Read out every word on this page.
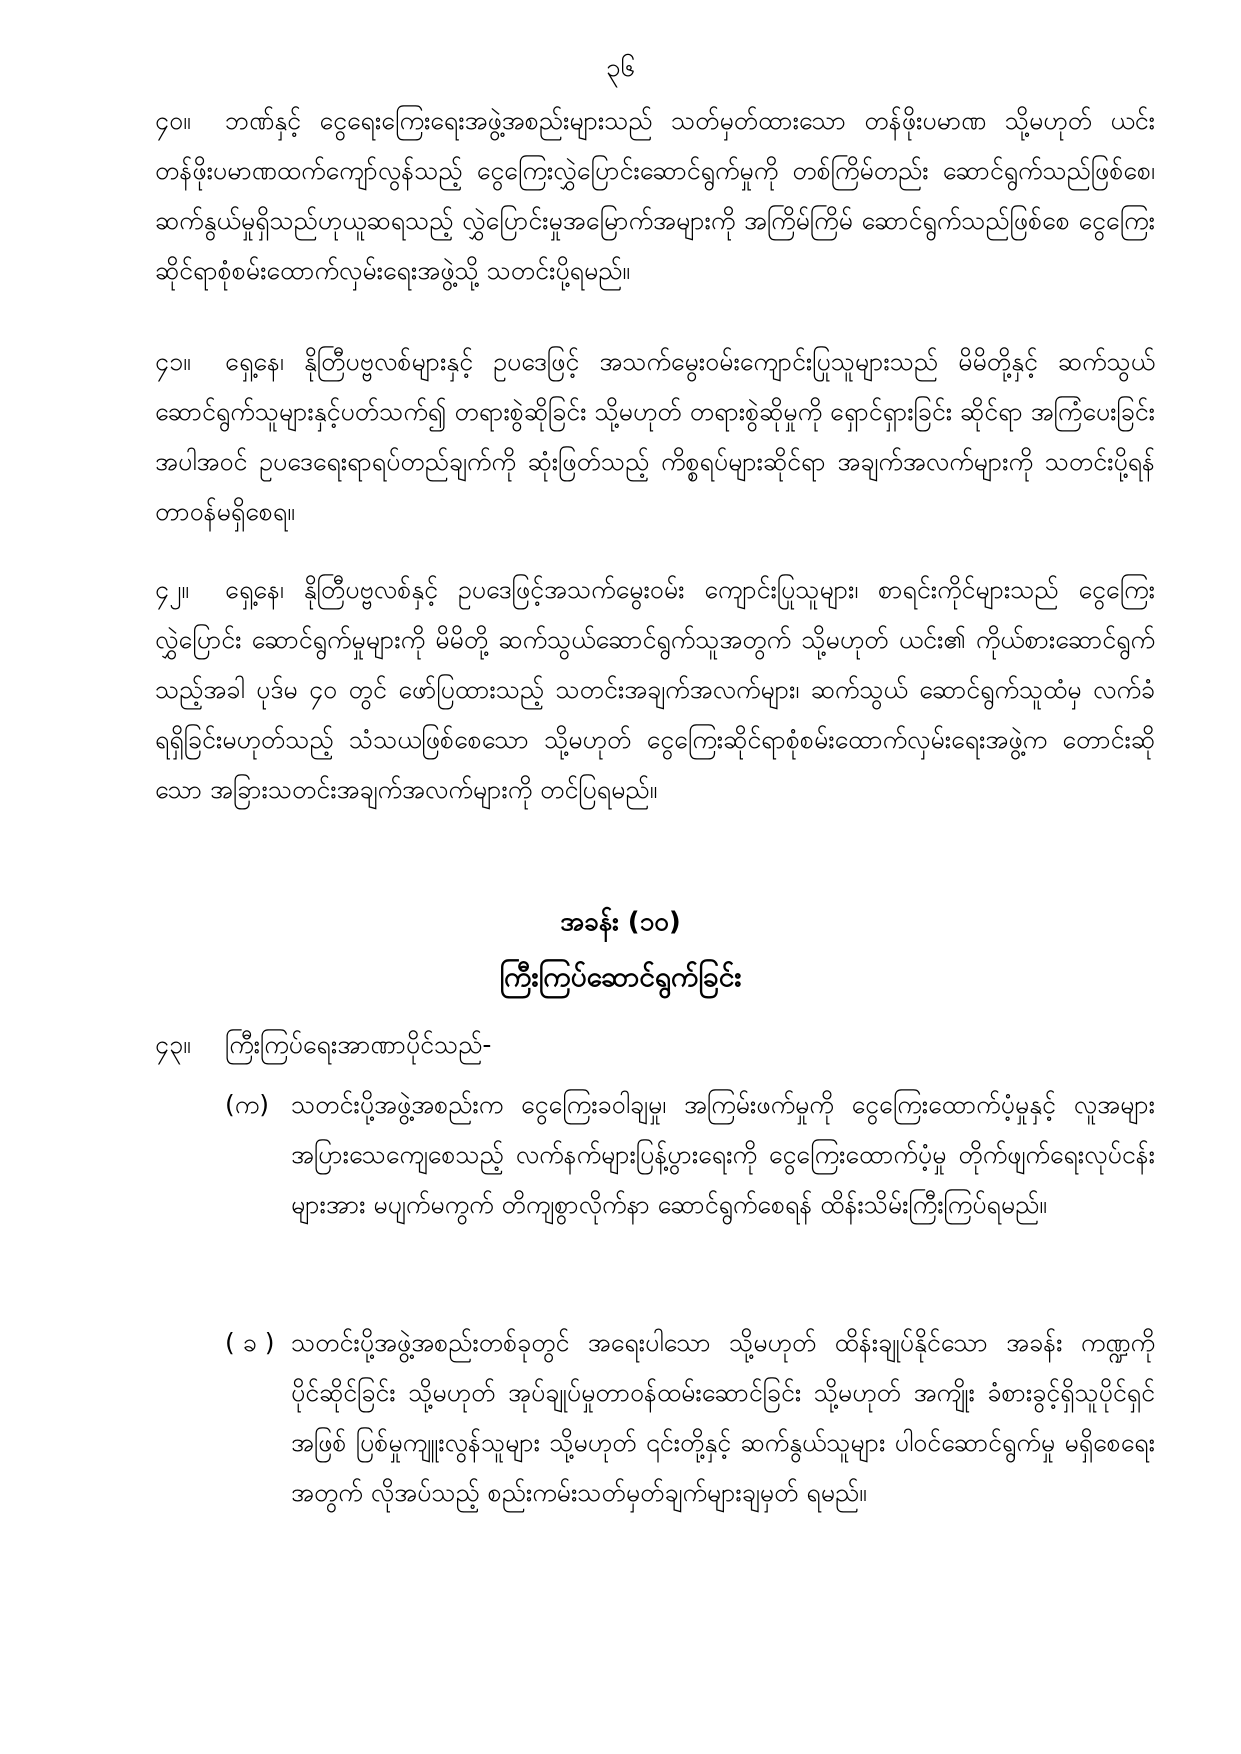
၃၆

၄၀။ ဘဏ်နှင့် ငွေရေးကြေးရေးအဖွဲ့အစည်းများသည် သတ်မှတ်ထားသော တန်ဖိုးပမာဏ သို့မဟုတ် ယင်းတန်ဖိုးပမာဏထက်ကျော်လွန်သည့် ငွေကြေးလွှဲပြောင်းဆောင်ရွက်မှုကို တစ်ကြိမ်တည်း ဆောင်ရွက်သည်ဖြစ်စေ၊ ဆက်နွယ်မှုရှိသည်ဟုယူဆရသည့် လွှဲပြောင်းမှုအမြောက်အများကို အကြိမ်ကြိမ် ဆောင်ရွက်သည်ဖြစ်စေ ငွေကြေးဆိုင်ရာစုံစမ်းထောက်လှမ်းရေးအဖွဲ့သို့ သတင်းပို့ရမည်။

၄၁။ ရှေ့နေ၊ နိုတြီပဗ္ဗလစ်များနှင့် ဥပဒေဖြင့် အသက်မွေးဝမ်းကျောင်းပြုသူများသည် မိမိတို့နှင့် ဆက်သွယ်ဆောင်ရွက်သူများနှင့်ပတ်သက်၍ တရားစွဲဆိုခြင်း သို့မဟုတ် တရားစွဲဆိုမှုကို ရှောင်ရှားခြင်း ဆိုင်ရာ အကြံပေးခြင်းအပါအဝင် ဥပဒေရေးရာရပ်တည်ချက်ကို ဆုံးဖြတ်သည့် ကိစ္စရပ်များဆိုင်ရာ အချက်အလက်များကို သတင်းပို့ရန် တာဝန်မရှိစေရ။

၄၂။ ရှေ့နေ၊ နိုတြီပဗ္ဗလစ်နှင့် ဥပဒေဖြင့်အသက်မွေးဝမ်း ကျောင်းပြုသူများ၊ စာရင်းကိုင်များသည် ငွေကြေးလွှဲပြောင်း ဆောင်ရွက်မှုများကို မိမိတို့ ဆက်သွယ်ဆောင်ရွက်သူအတွက် သို့မဟုတ် ယင်း၏ ကိုယ်စားဆောင်ရွက်သည့်အခါ ပုဒ်မ ၄၀ တွင် ဖော်ပြထားသည့် သတင်းအချက်အလက်များ၊ ဆက်သွယ် ဆောင်ရွက်သူထံမှ လက်ခံရရှိခြင်းမဟုတ်သည့် သံသယဖြစ်စေသော သို့မဟုတ် ငွေကြေးဆိုင်ရာစုံစမ်းထောက်လှမ်းရေးအဖွဲ့က တောင်းဆိုသော အခြားသတင်းအချက်အလက်များကို တင်ပြရမည်။

အခန်း (၁၀)
ကြီးကြပ်ဆောင်ရွက်ခြင်း

၄၃။ ကြီးကြပ်ရေးအာဏာပိုင်သည်-

(က) သတင်းပို့အဖွဲ့အစည်းက ငွေကြေးခဝါချမှု၊ အကြမ်းဖက်မှုကို ငွေကြေးထောက်ပံ့မှုနှင့် လူအများအပြားသေကျေစေသည့် လက်နက်များပြန့်ပွားရေးကို ငွေကြေးထောက်ပံ့မှု တိုက်ဖျက်ရေးလုပ်ငန်းများအား မပျက်မကွက် တိကျစွာလိုက်နာ ဆောင်ရွက်စေရန် ထိန်းသိမ်းကြီးကြပ်ရမည်။
( ခ ) သတင်းပို့အဖွဲ့အစည်းတစ်ခုတွင် အရေးပါသော သို့မဟုတ် ထိန်းချုပ်နိုင်သော အခန်း ကဏ္ဍကိုပိုင်ဆိုင်ခြင်း သို့မဟုတ် အုပ်ချုပ်မှုတာဝန်ထမ်းဆောင်ခြင်း သို့မဟုတ် အကျိုး ခံစားခွင့်ရှိသူပိုင်ရှင်အဖြစ် ပြစ်မှုကျူးလွန်သူများ သို့မဟုတ် ၎င်းတို့နှင့် ဆက်နွယ်သူများ ပါဝင်ဆောင်ရွက်မှု မရှိစေရေးအတွက် လိုအပ်သည့် စည်းကမ်းသတ်မှတ်ချက်များချမှတ် ရမည်။
